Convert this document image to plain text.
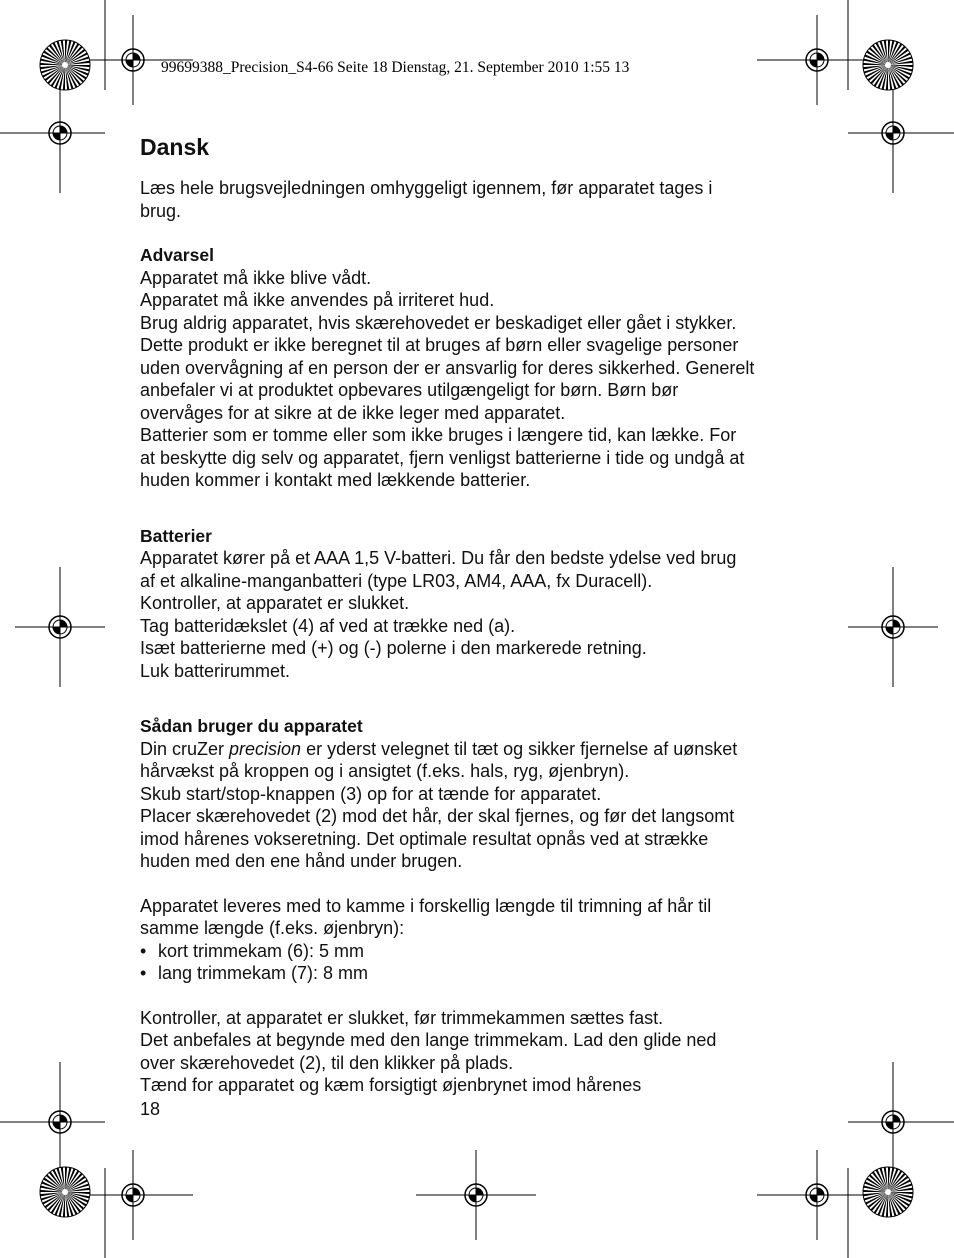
99699388_Precision_S4-66 Seite 18 Dienstag, 21. September 2010 1:55 13
Dansk
Læs hele brugsvejledningen omhyggeligt igennem, før apparatet tages i
brug.
Advarsel
Apparatet må ikke blive vådt.
Apparatet må ikke anvendes på irriteret hud.
Brug aldrig apparatet, hvis skærehovedet er beskadiget eller gået i stykker.
Dette produkt er ikke beregnet til at bruges af børn eller svagelige personer
uden overvågning af en person der er ansvarlig for deres sikkerhed. Generelt
anbefaler vi at produktet opbevares utilgængeligt for børn. Børn bør
overvåges for at sikre at de ikke leger med apparatet.
Batterier som er tomme eller som ikke bruges i længere tid, kan lække. For
at beskytte dig selv og apparatet, fjern venligst batterierne i tide og undgå at
huden kommer i kontakt med lækkende batterier.
Batterier
Apparatet kører på et AAA 1,5 V-batteri. Du får den bedste ydelse ved brug
af et alkaline-manganbatteri (type LR03, AM4, AAA, fx Duracell).
Kontroller, at apparatet er slukket.
Tag batteridækslet (4) af ved at trække ned (a).
Isæt batterierne med (+) og (-) polerne i den markerede retning.
Luk batterirummet.
Sådan bruger du apparatet
Din cruZer precision er yderst velegnet til tæt og sikker fjernelse af uønsket
hårvækst på kroppen og i ansigtet (f.eks. hals, ryg, øjenbryn).
Skub start/stop-knappen (3) op for at tænde for apparatet.
Placer skærehovedet (2) mod det hår, der skal fjernes, og før det langsomt
imod hårenes vokseretning. Det optimale resultat opnås ved at strække
huden med den ene hånd under brugen.
Apparatet leveres med to kamme i forskellig længde til trimning af hår til
samme længde (f.eks. øjenbryn):
• kort trimmekam (6): 5 mm
• lang trimmekam (7): 8 mm
Kontroller, at apparatet er slukket, før trimmekammen sættes fast.
Det anbefales at begynde med den lange trimmekam. Lad den glide ned
over skærehovedet (2), til den klikker på plads.
Tænd for apparatet og kæm forsigtigt øjenbrynet imod hårenes
18
